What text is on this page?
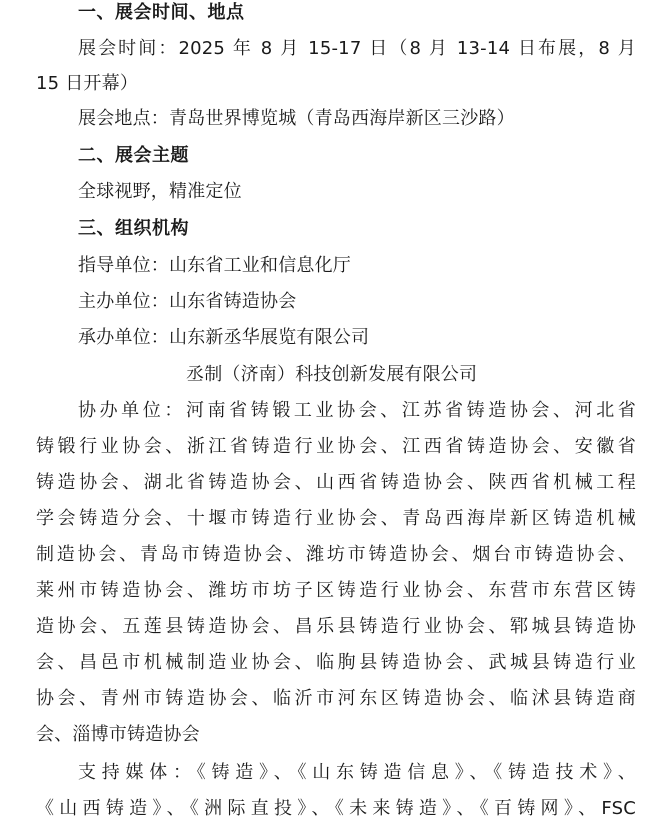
一、展会时间、地点
展会时间：2025 年 8 月 15-17 日（8 月 13-14 日布展，8 月
15 日开幕）
展会地点：青岛世界博览城（青岛西海岸新区三沙路）
二、展会主题
全球视野，精准定位
三、组织机构
指导单位：山东省工业和信息化厅
主办单位：山东省铸造协会
承办单位：山东新丞华展览有限公司
丞制（济南）科技创新发展有限公司
协办单位：河南省铸锻工业协会、江苏省铸造协会、河北省
铸锻行业协会、浙江省铸造行业协会、江西省铸造协会、安徽省
铸造协会、湖北省铸造协会、山西省铸造协会、陕西省机械工程
学会铸造分会、十堰市铸造行业协会、青岛西海岸新区铸造机械
制造协会、青岛市铸造协会、潍坊市铸造协会、烟台市铸造协会、
莱州市铸造协会、潍坊市坊子区铸造行业协会、东营市东营区铸
造协会、五莲县铸造协会、昌乐县铸造行业协会、郓城县铸造协
会、昌邑市机械制造业协会、临朐县铸造协会、武城县铸造行业
协会、青州市铸造协会、临沂市河东区铸造协会、临沭县铸造商
会、淄博市铸造协会
支持媒体：《铸造》、《山东铸造信息》、《铸造技术》、
《山西铸造》、《洲际直投》、《未来铸造》、《百铸网》、FSC
